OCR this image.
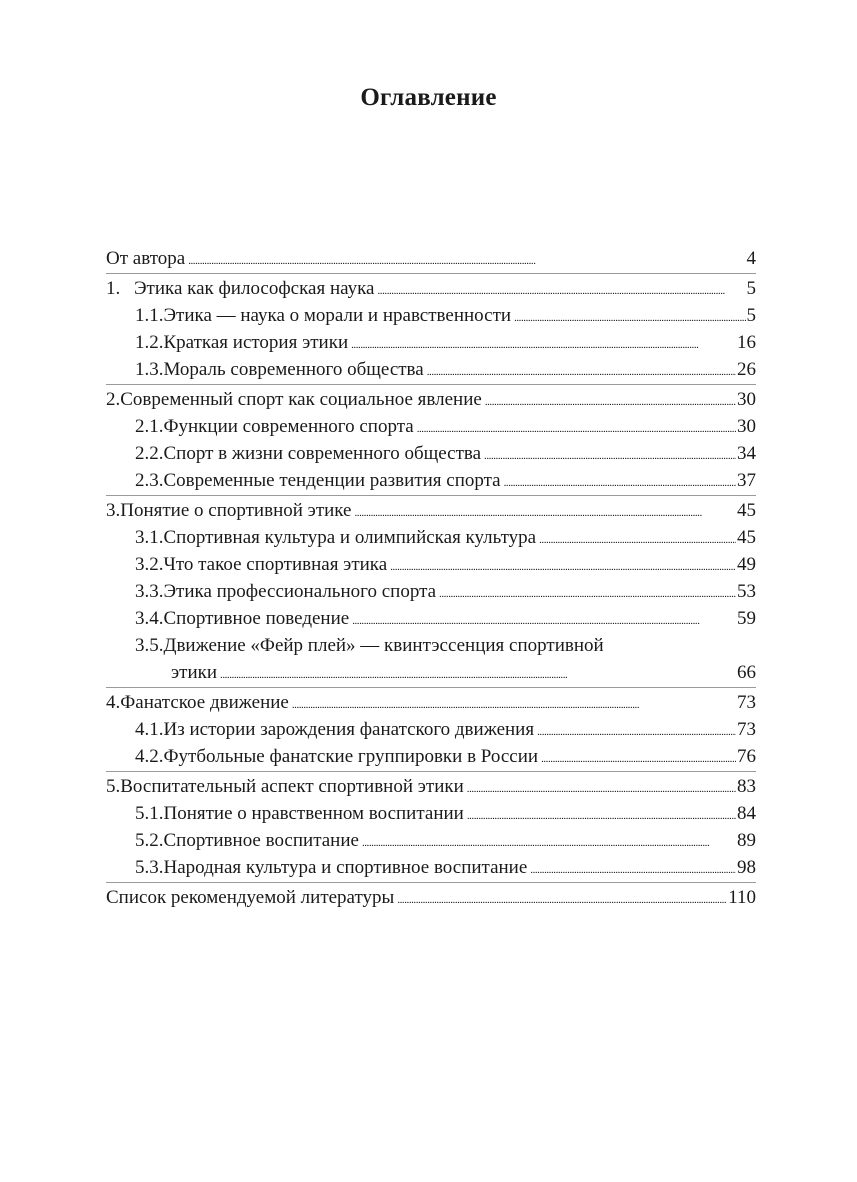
Оглавление
От автора . . .	4
1. Этика как философская наука . . .	5
1.1. Этика — наука о морали и нравственности . . .	5
1.2. Краткая история этики . . .	16
1.3. Мораль современного общества . . .	26
2. Современный спорт как социальное явление . . .	30
2.1. Функции современного спорта . . .	30
2.2. Спорт в жизни современного общества . . .	34
2.3. Современные тенденции развития спорта . . .	37
3. Понятие о спортивной этике . . .	45
3.1. Спортивная культура и олимпийская культура . . .	45
3.2. Что такое спортивная этика . . .	49
3.3. Этика профессионального спорта . . .	53
3.4. Спортивное поведение . . .	59
3.5.Движение «Фейр плей» — квинтэссенция спортивной
этики . . .	66
4. Фанатское движение . . .	73
4.1. Из истории зарождения фанатского движения . . .	73
4.2. Футбольные фанатские группировки в России . . .	76
5. Воспитательный аспект спортивной этики . . .	83
5.1. Понятие о нравственном воспитании . . .	84
5.2. Спортивное воспитание . . .	89
5.3. Народная культура и спортивное воспитание . . .	98
Список рекомендуемой литературы . . .	110
